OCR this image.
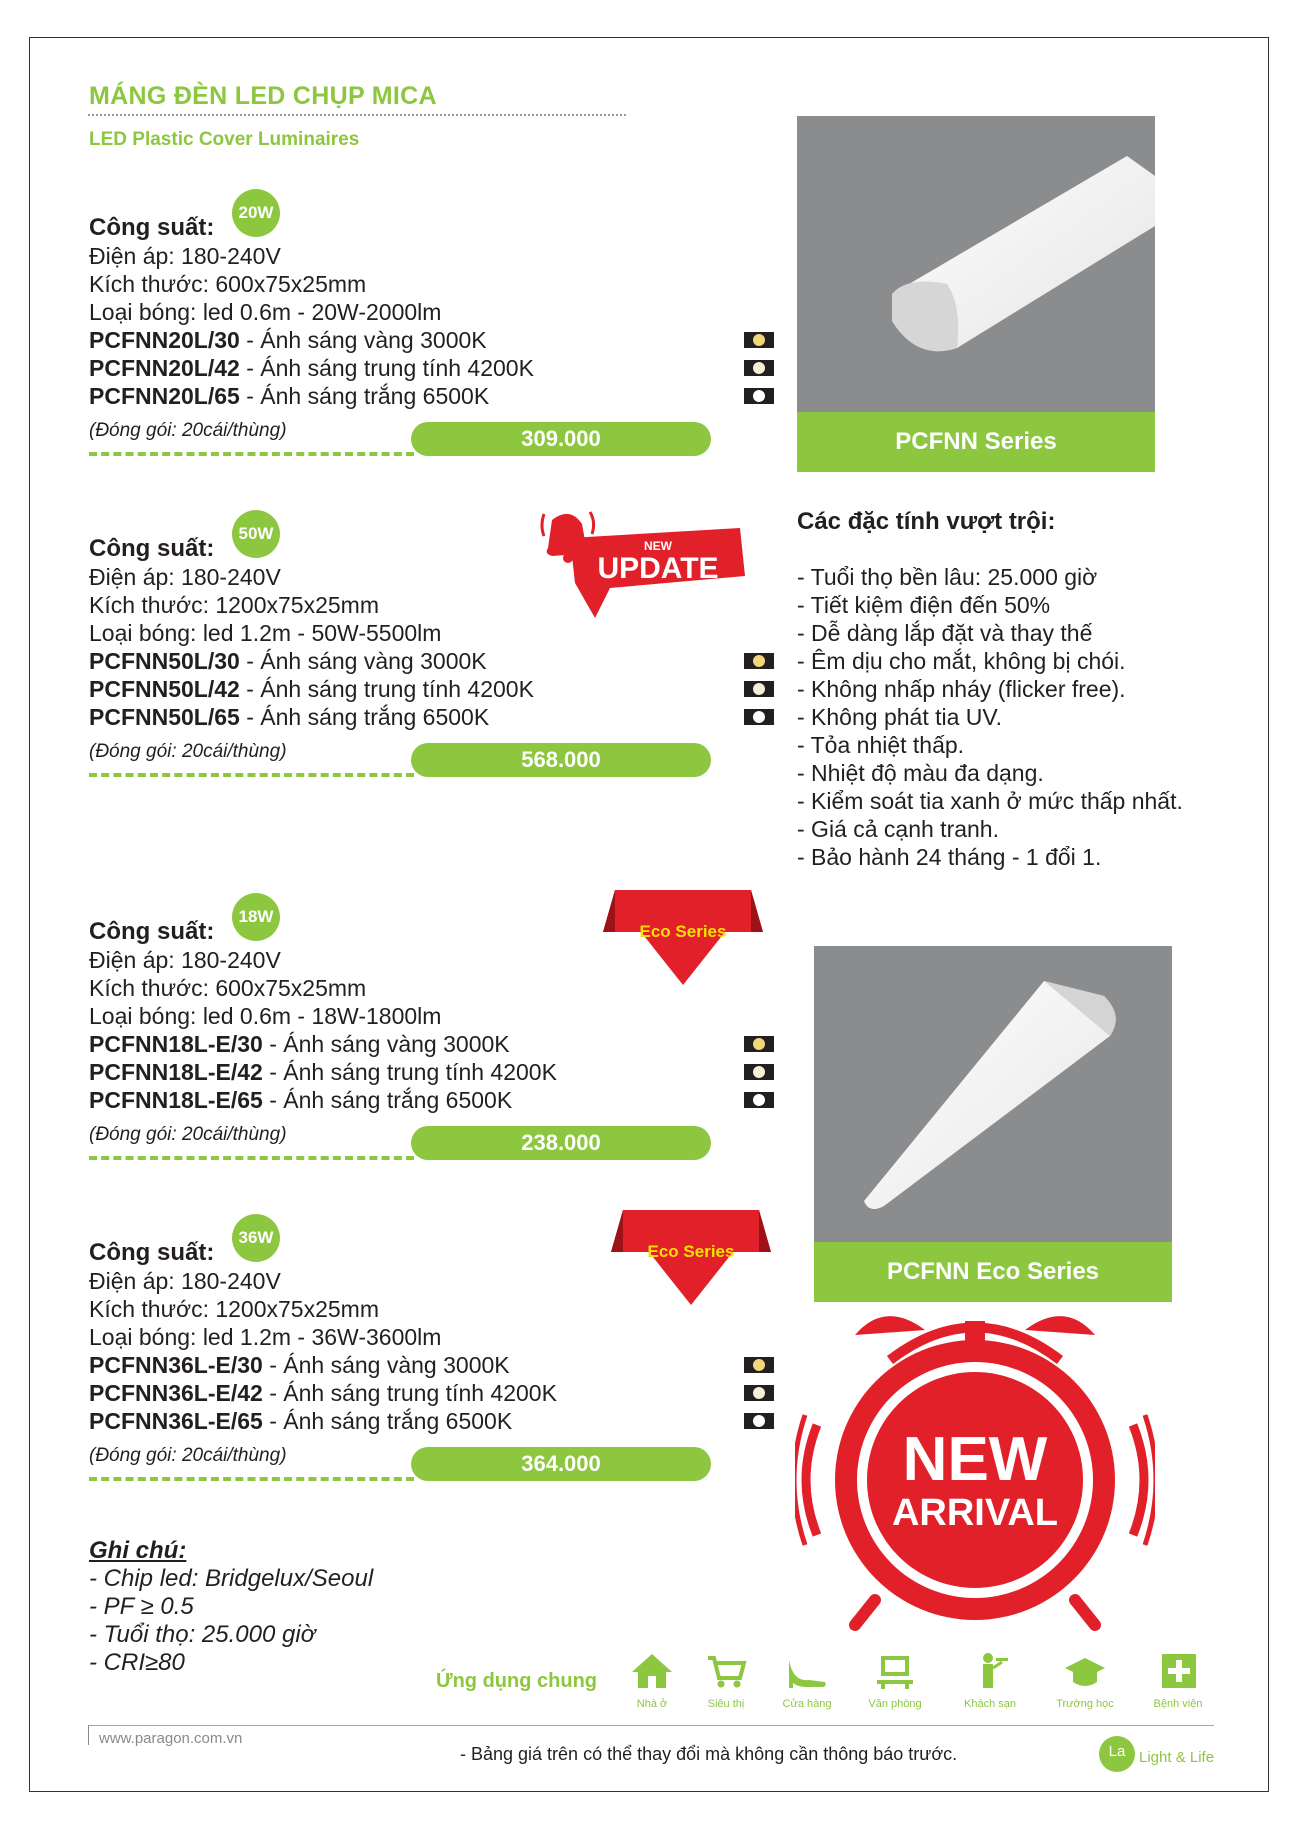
MÁNG ĐÈN LED CHỤP MICA
LED Plastic Cover Luminaires
Công suất:
20W
Điện áp: 180-240V
Kích thước: 600x75x25mm
Loại bóng: led 0.6m - 20W-2000lm
PCFNN20L/30 - Ánh sáng vàng 3000K
PCFNN20L/42 - Ánh sáng trung tính 4200K
PCFNN20L/65 - Ánh sáng trắng 6500K
(Đóng gói: 20cái/thùng)	309.000
Công suất:
50W
Điện áp: 180-240V
Kích thước: 1200x75x25mm
Loại bóng: led 1.2m - 50W-5500lm
PCFNN50L/30 - Ánh sáng vàng 3000K
PCFNN50L/42 - Ánh sáng trung tính 4200K
PCFNN50L/65 - Ánh sáng trắng 6500K
(Đóng gói: 20cái/thùng)	568.000
Công suất:
18W
Điện áp: 180-240V
Kích thước: 600x75x25mm
Loại bóng: led 0.6m - 18W-1800lm
PCFNN18L-E/30 - Ánh sáng vàng 3000K
PCFNN18L-E/42 - Ánh sáng trung tính 4200K
PCFNN18L-E/65 - Ánh sáng trắng 6500K
(Đóng gói: 20cái/thùng)	238.000
Công suất:
36W
Điện áp: 180-240V
Kích thước: 1200x75x25mm
Loại bóng: led 1.2m - 36W-3600lm
PCFNN36L-E/30 - Ánh sáng vàng 3000K
PCFNN36L-E/42 - Ánh sáng trung tính 4200K
PCFNN36L-E/65 - Ánh sáng trắng 6500K
(Đóng gói: 20cái/thùng)	364.000
PCFNN Series
NEW
UPDATE
Các đặc tính vượt trội:
- Tuổi thọ bền lâu: 25.000 giờ
- Tiết kiệm điện đến 50%
- Dễ dàng lắp đặt và thay thế
- Êm dịu cho mắt, không bị chói.
- Không nhấp nháy (flicker free).
- Không phát tia UV.
- Tỏa nhiệt thấp.
- Nhiệt độ màu đa dạng.
- Kiểm soát tia xanh ở mức thấp nhất.
- Giá cả cạnh tranh.
- Bảo hành 24 tháng - 1 đổi 1.
Eco Series
Eco Series
PCFNN Eco Series
NEW
ARRIVAL
Ghi chú:
- Chip led: Bridgelux/Seoul
- PF ≥ 0.5
- Tuổi thọ: 25.000 giờ
- CRI≥80
Ứng dụng chung
Nhà ở	Siêu thị	Cửa hàng	Văn phòng	Khách sạn	Trường học	Bệnh viện
www.paragon.com.vn
- Bảng giá trên có thể thay đổi mà không cần thông báo trước.	La Light & Life
